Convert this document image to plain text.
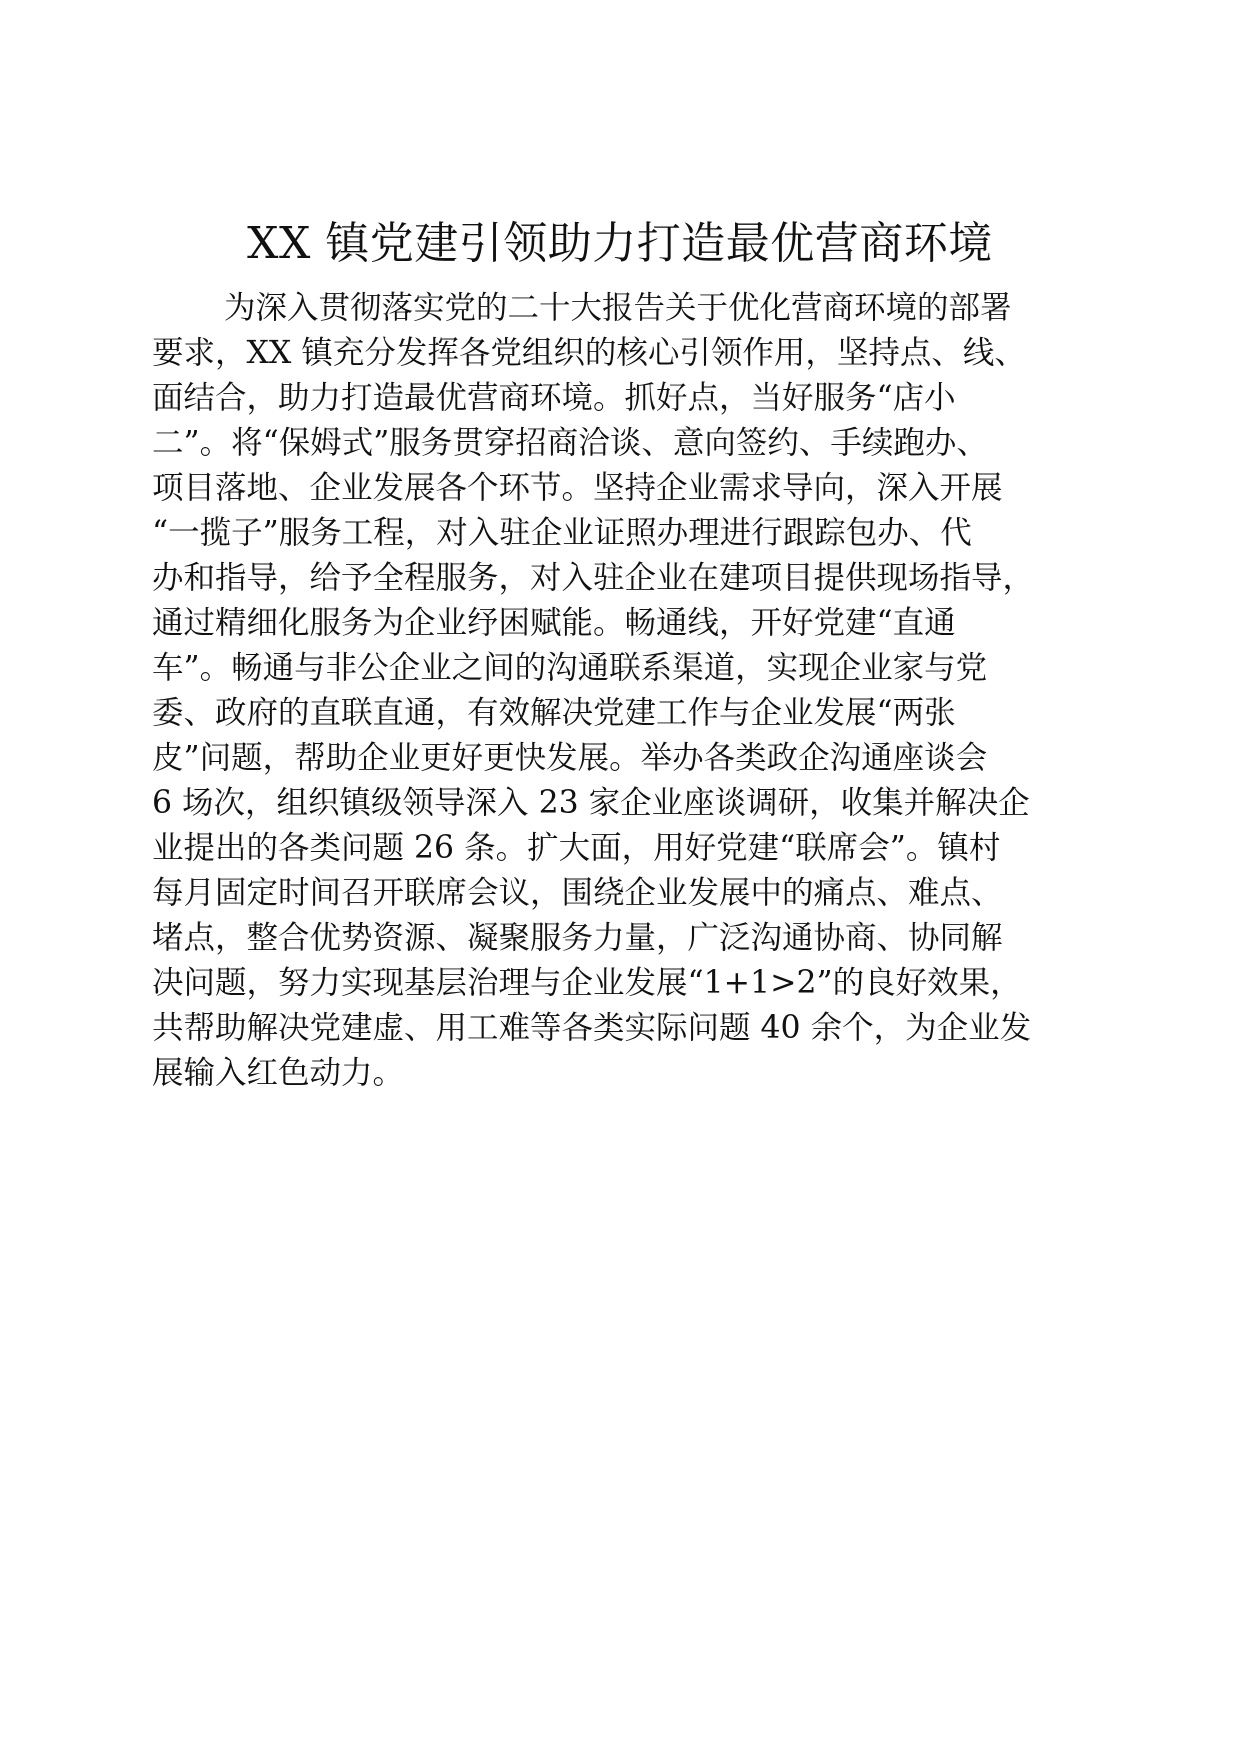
XX 镇党建引领助力打造最优营商环境
为深入贯彻落实党的二十大报告关于优化营商环境的部署
要求，XX 镇充分发挥各党组织的核心引领作用，坚持点、线、
面结合，助力打造最优营商环境。抓好点，当好服务“店小
二”。将“保姆式”服务贯穿招商洽谈、意向签约、手续跑办、
项目落地、企业发展各个环节。坚持企业需求导向，深入开展
“一揽子”服务工程，对入驻企业证照办理进行跟踪包办、代
办和指导，给予全程服务，对入驻企业在建项目提供现场指导，
通过精细化服务为企业纾困赋能。畅通线，开好党建“直通
车”。畅通与非公企业之间的沟通联系渠道，实现企业家与党
委、政府的直联直通，有效解决党建工作与企业发展“两张
皮”问题，帮助企业更好更快发展。举办各类政企沟通座谈会
6 场次，组织镇级领导深入 23 家企业座谈调研，收集并解决企
业提出的各类问题 26 条。扩大面，用好党建“联席会”。镇村
每月固定时间召开联席会议，围绕企业发展中的痛点、难点、
堵点，整合优势资源、凝聚服务力量，广泛沟通协商、协同解
决问题，努力实现基层治理与企业发展“1+1>2”的良好效果，
共帮助解决党建虚、用工难等各类实际问题 40 余个，为企业发
展输入红色动力。
